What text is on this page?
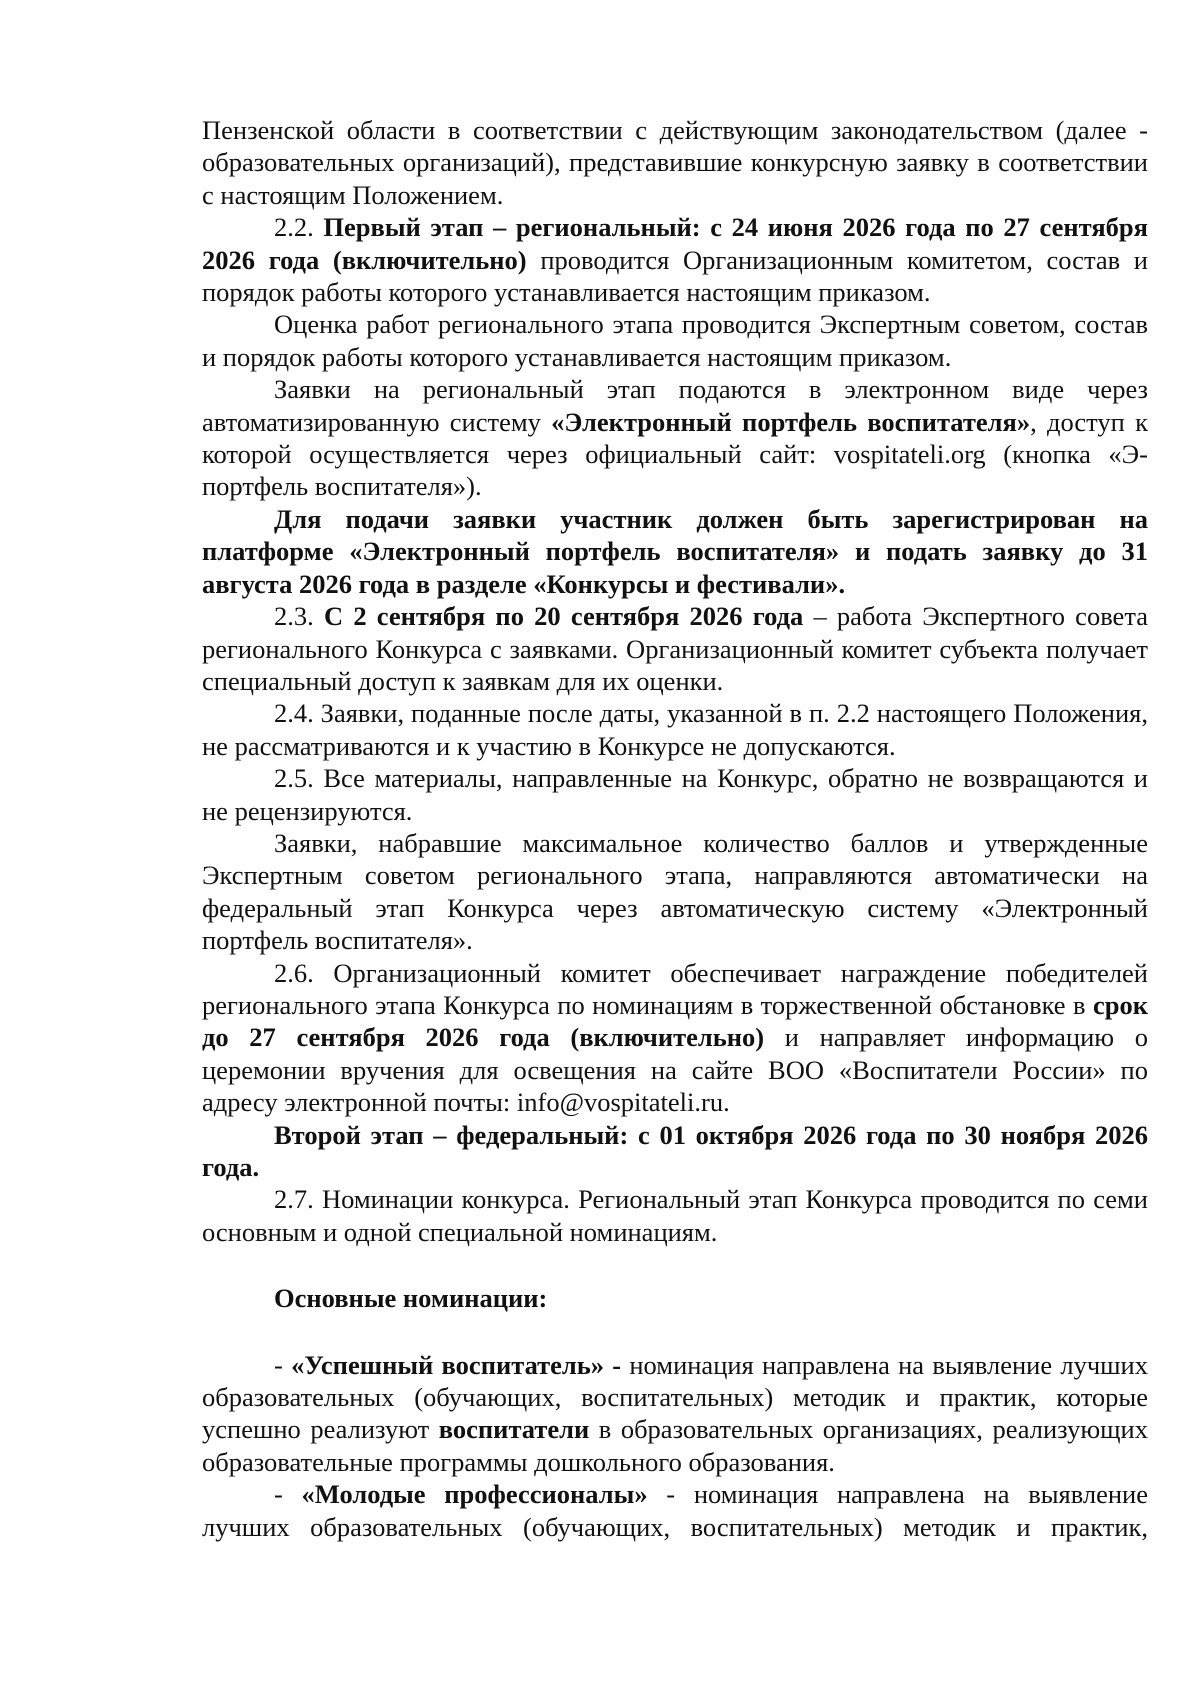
Пензенской области в соответствии с действующим законодательством (далее - образовательных организаций), представившие конкурсную заявку в соответствии с настоящим Положением.

2.2. Первый этап – региональный: с 24 июня 2026 года по 27 сентября 2026 года (включительно) проводится Организационным комитетом, состав и порядок работы которого устанавливается настоящим приказом.

Оценка работ регионального этапа проводится Экспертным советом, состав и порядок работы которого устанавливается настоящим приказом.

Заявки на региональный этап подаются в электронном виде через автоматизированную систему «Электронный портфель воспитателя», доступ к которой осуществляется через официальный сайт: vospitateli.org (кнопка «Э-портфель воспитателя»).

Для подачи заявки участник должен быть зарегистрирован на платформе «Электронный портфель воспитателя» и подать заявку до 31 августа 2026 года в разделе «Конкурсы и фестивали».

2.3. С 2 сентября по 20 сентября 2026 года – работа Экспертного совета регионального Конкурса с заявками. Организационный комитет субъекта получает специальный доступ к заявкам для их оценки.

2.4. Заявки, поданные после даты, указанной в п. 2.2 настоящего Положения, не рассматриваются и к участию в Конкурсе не допускаются.

2.5. Все материалы, направленные на Конкурс, обратно не возвращаются и не рецензируются.

Заявки, набравшие максимальное количество баллов и утвержденные Экспертным советом регионального этапа, направляются автоматически на федеральный этап Конкурса через автоматическую систему «Электронный портфель воспитателя».

2.6. Организационный комитет обеспечивает награждение победителей регионального этапа Конкурса по номинациям в торжественной обстановке в срок до 27 сентября 2026 года (включительно) и направляет информацию о церемонии вручения для освещения на сайте ВОО «Воспитатели России» по адресу электронной почты: info@vospitateli.ru.

Второй этап – федеральный: с 01 октября 2026 года по 30 ноября 2026 года.

2.7. Номинации конкурса. Региональный этап Конкурса проводится по семи основным и одной специальной номинациям.

Основные номинации:

- «Успешный воспитатель» - номинация направлена на выявление лучших образовательных (обучающих, воспитательных) методик и практик, которые успешно реализуют воспитатели в образовательных организациях, реализующих образовательные программы дошкольного образования.

- «Молодые профессионалы» - номинация направлена на выявление лучших образовательных (обучающих, воспитательных) методик и практик,
